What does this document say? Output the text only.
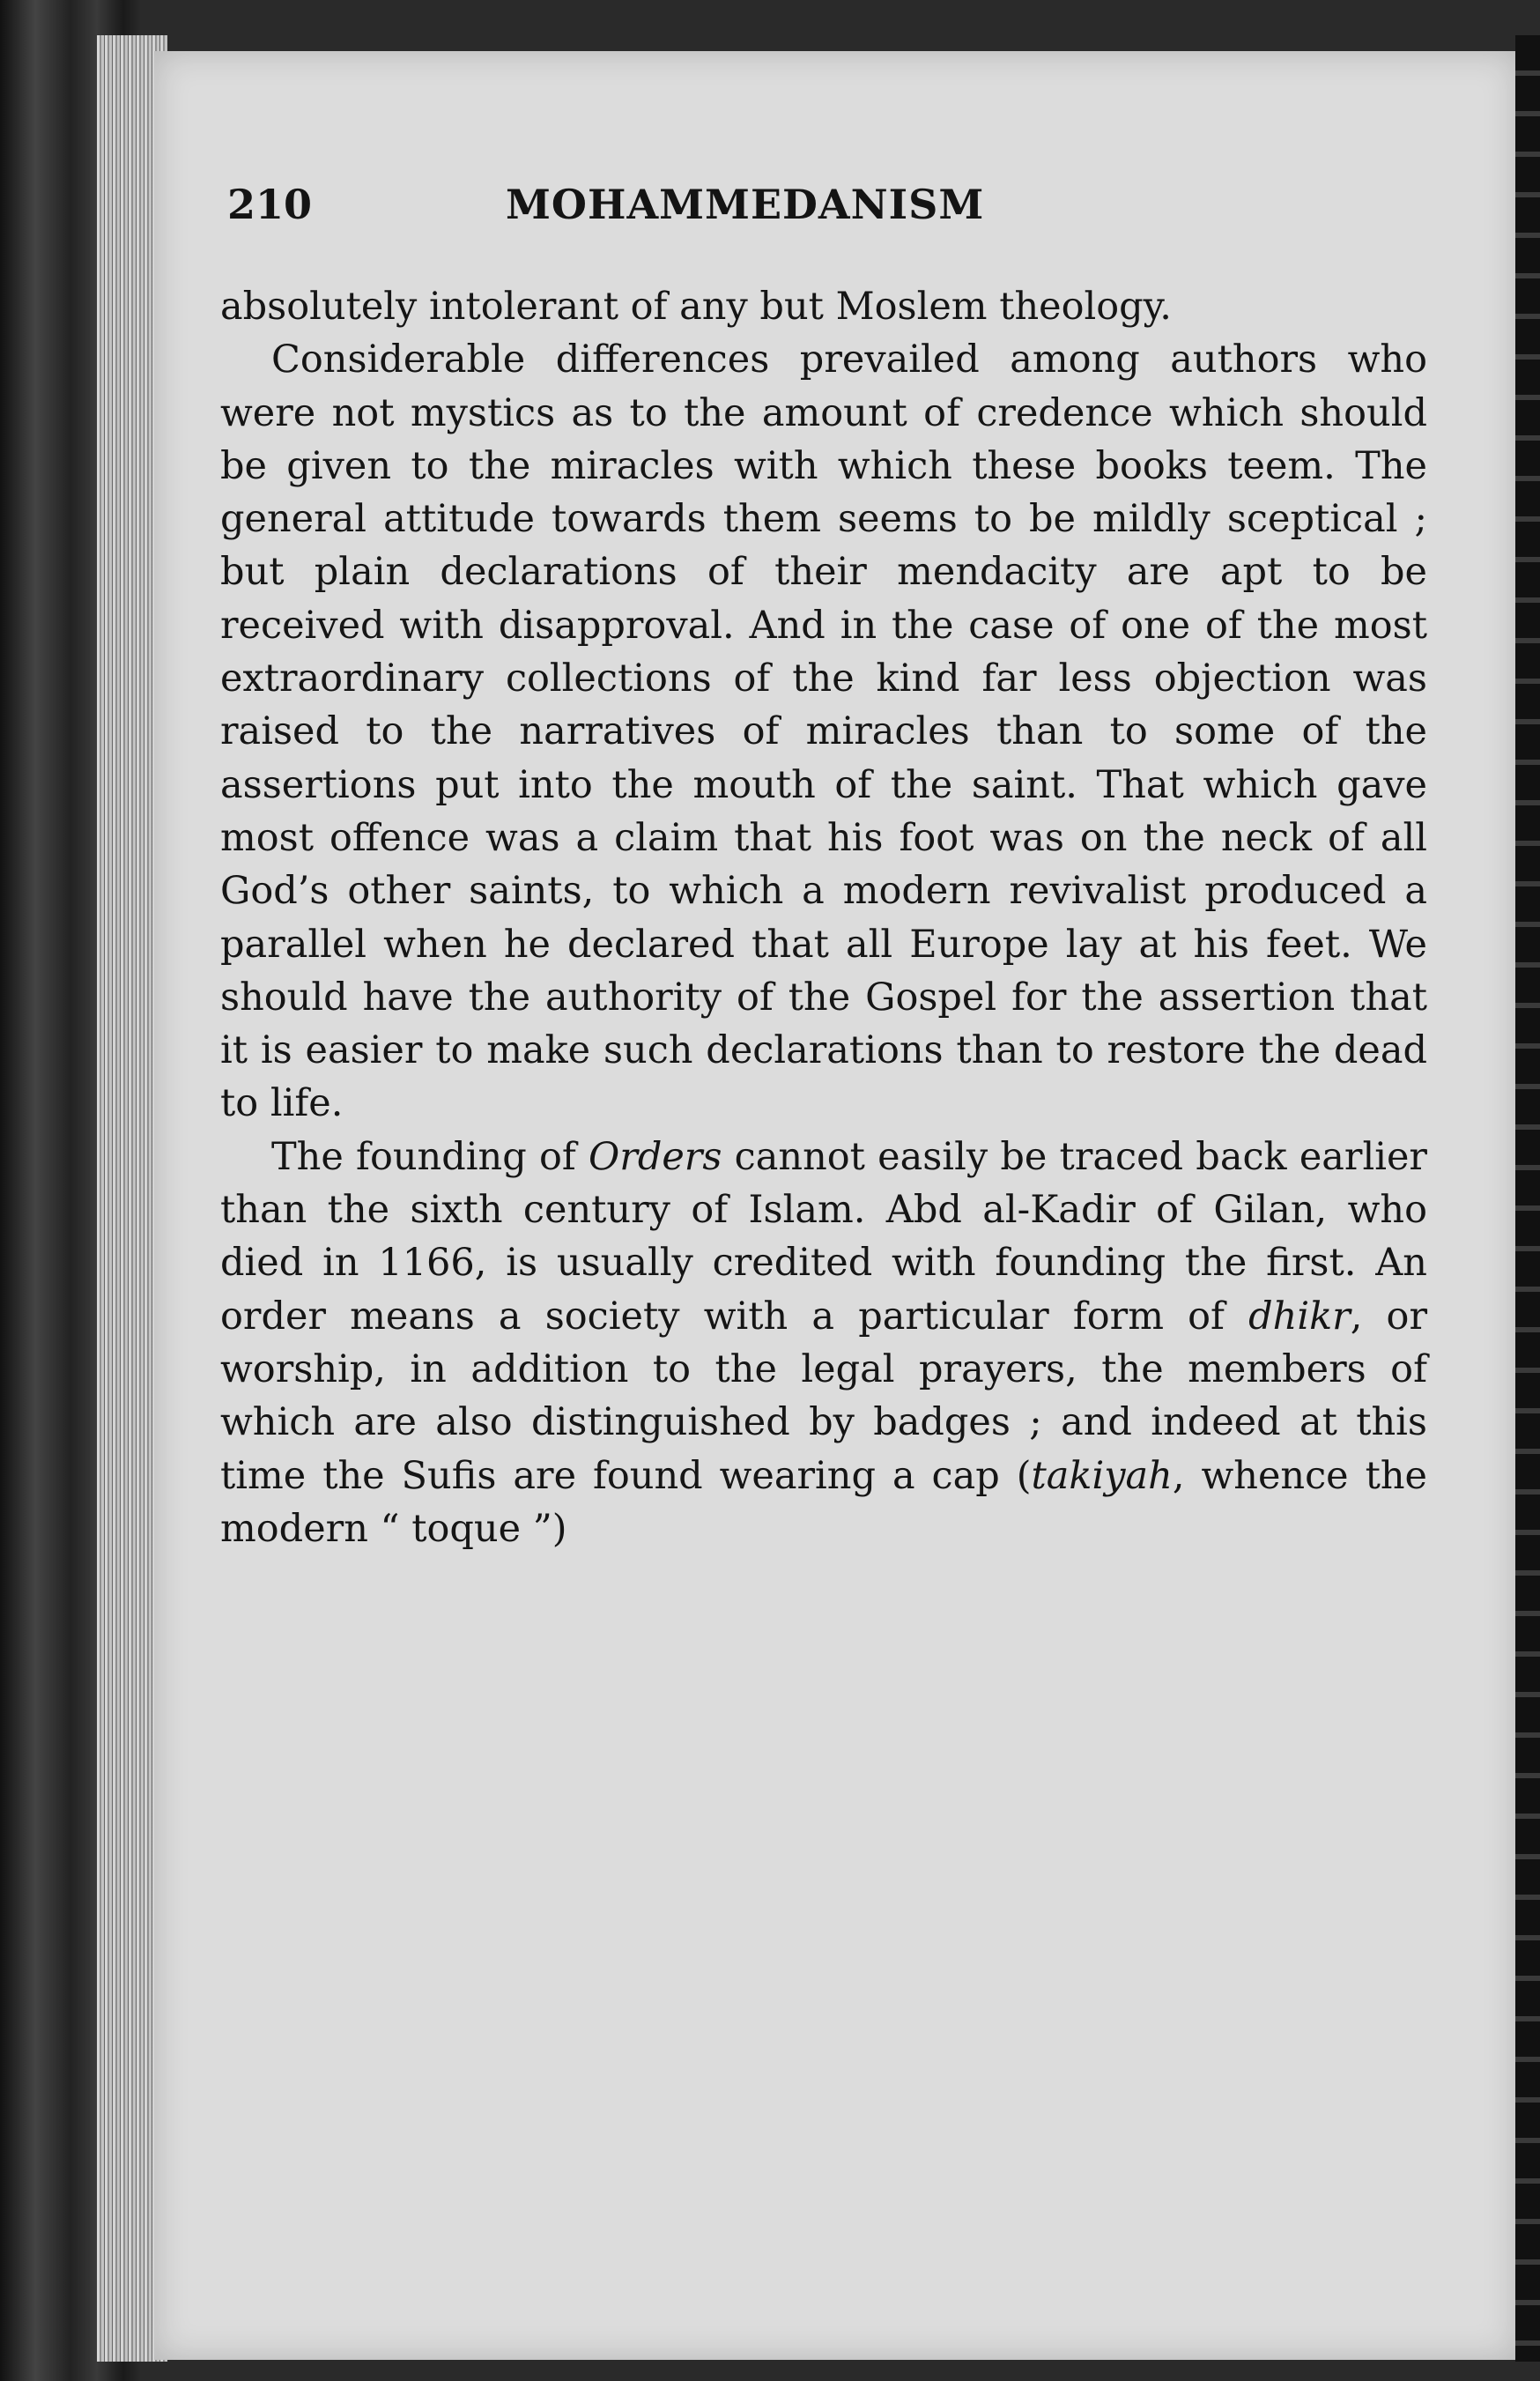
210	MOHAMMEDANISM

absolutely intolerant of any but Moslem theology.

Considerable differences prevailed among authors who were not mystics as to the amount of credence which should be given to the miracles with which these books teem. The general attitude towards them seems to be mildly sceptical ; but plain declarations of their mendacity are apt to be received with disapproval. And in the case of one of the most extraordinary collections of the kind far less objection was raised to the narratives of miracles than to some of the assertions put into the mouth of the saint. That which gave most offence was a claim that his foot was on the neck of all God’s other saints, to which a modern revivalist produced a parallel when he declared that all Europe lay at his feet. We should have the authority of the Gospel for the assertion that it is easier to make such declarations than to restore the dead to life.

The founding of Orders cannot easily be traced back earlier than the sixth century of Islam. Abd al-Kadir of Gilan, who died in 1166, is usually credited with founding the first. An order means a society with a particular form of dhikr, or worship, in addition to the legal prayers, the members of which are also distinguished by badges ; and indeed at this time the Sufis are found wearing a cap (takiyah, whence the modern “ toque ”)
